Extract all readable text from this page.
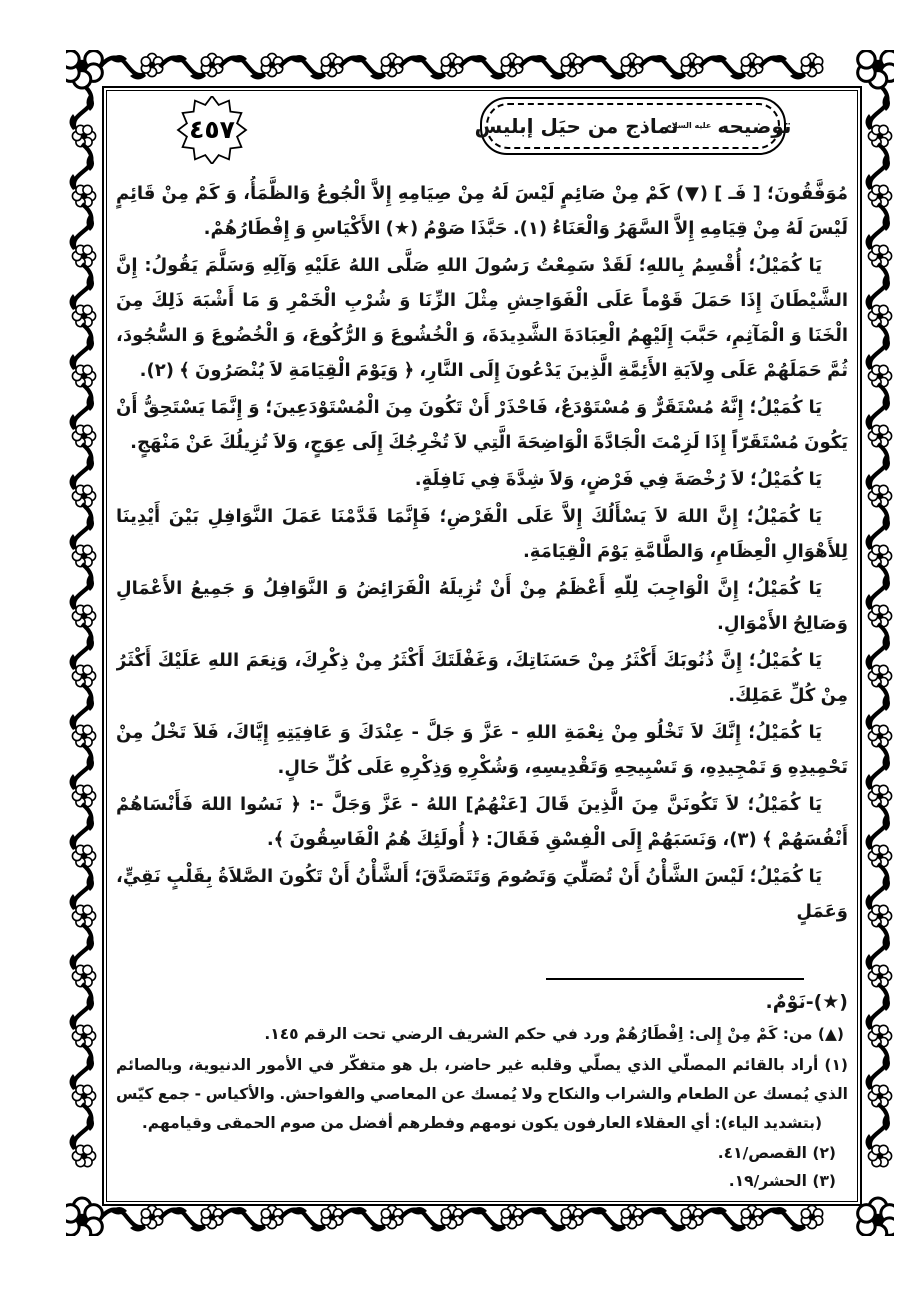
٤٥٧	توضيحه
عليه السلام
نماذج من حيَل إبليس

مُوَفَّقُونَ؛ [ فَـ ] (▼) كَمْ مِنْ صَائِمٍ لَيْسَ لَهُ مِنْ صِيَامِهِ إِلاَّ الْجُوعُ وَالظَّمَأُ، وَ كَمْ مِنْ قَائِمٍ لَيْسَ لَهُ مِنْ قِيَامِهِ إِلاَّ السَّهَرُ وَالْعَنَاءُ (١). حَبَّذَا صَوْمُ (★) الأَكْيَاسِ وَ إِفْطَارُهُمْ.

يَا كُمَيْلُ؛ أُقْسِمُ بِاللهِ؛ لَقَدْ سَمِعْتُ رَسُولَ اللهِ صَلَّى اللهُ عَلَيْهِ وَآلِهِ وَسَلَّمَ يَقُولُ: إِنَّ الشَّيْطَانَ إِذَا حَمَلَ قَوْماً عَلَى الْفَوَاحِشِ مِثْلَ الزِّنَا وَ شُرْبِ الْخَمْرِ وَ مَا أَشْبَهَ ذَلِكَ مِنَ الْخَنَا وَ الْمَآثِمِ، حَبَّبَ إِلَيْهِمُ الْعِبَادَةَ الشَّدِيدَةَ، وَ الْخُشُوعَ وَ الرُّكُوعَ، وَ الْخُضُوعَ وَ السُّجُودَ، ثُمَّ حَمَلَهُمْ عَلَى وِلاَيَةِ الأَئِمَّةِ الَّذِينَ يَدْعُونَ إِلَى النَّارِ، ﴿ وَيَوْمَ الْقِيَامَةِ لاَ يُنْصَرُونَ ﴾ (٢).

يَا كُمَيْلُ؛ إِنَّهُ مُسْتَقَرٌّ وَ مُسْتَوْدَعٌ، فَاحْذَرْ أَنْ تَكُونَ مِنَ الْمُسْتَوْدَعِينَ؛ وَ إِنَّمَا يَسْتَحِقُّ أَنْ يَكُونَ مُسْتَقَرّاً إِذَا لَزِمْتَ الْجَادَّةَ الْوَاضِحَةَ الَّتِي لاَ تُخْرِجُكَ إِلَى عِوَجٍ، وَلاَ تُزِيلُكَ عَنْ مَنْهَجٍ.

يَا كُمَيْلُ؛ لاَ رُخْصَةَ فِي فَرْضٍ، وَلاَ شِدَّةَ فِي نَافِلَةٍ.

يَا كُمَيْلُ؛ إِنَّ اللهَ لاَ يَسْأَلُكَ إِلاَّ عَلَى الْفَرْضِ؛ فَإِنَّمَا قَدَّمْنَا عَمَلَ النَّوَافِلِ بَيْنَ أَيْدِينَا لِلأَهْوَالِ الْعِظَامِ، وَالطَّامَّةِ يَوْمَ الْقِيَامَةِ.

يَا كُمَيْلُ؛ إِنَّ الْوَاجِبَ لِلّهِ أَعْظَمُ مِنْ أَنْ تُزِيلَهُ الْفَرَائِضُ وَ النَّوَافِلُ وَ جَمِيعُ الأَعْمَالِ وَصَالِحُ الأَمْوَالِ.

يَا كُمَيْلُ؛ إِنَّ ذُنُوبَكَ أَكْثَرُ مِنْ حَسَنَاتِكَ، وَغَفْلَتَكَ أَكْثَرُ مِنْ ذِكْرِكَ، وَنِعَمَ اللهِ عَلَيْكَ أَكْثَرُ مِنْ كُلِّ عَمَلِكَ.

يَا كُمَيْلُ؛ إِنَّكَ لاَ تَخْلُو مِنْ نِعْمَةِ اللهِ - عَزَّ وَ جَلَّ - عِنْدَكَ وَ عَافِيَتِهِ إِيَّاكَ، فَلاَ تَخْلُ مِنْ تَحْمِيدِهِ وَ تَمْجِيدِهِ، وَ تَسْبِيحِهِ وَتَقْدِيسِهِ، وَشُكْرِهِ وَذِكْرِهِ عَلَى كُلِّ حَالٍ.

يَا كُمَيْلُ؛ لاَ تَكُونَنَّ مِنَ الَّذِينَ قَالَ [عَنْهُمُ] اللهُ - عَزَّ وَجَلَّ -: ﴿ نَسُوا اللهَ فَأَنْسَاهُمْ أَنْفُسَهُمْ ﴾ (٣)، وَنَسَبَهُمْ إِلَى الْفِسْقِ فَقَالَ: ﴿ أُولَئِكَ هُمُ الْفَاسِقُونَ ﴾.

يَا كُمَيْلُ؛ لَيْسَ الشَّأْنُ أَنْ تُصَلِّيَ وَتَصُومَ وَتَتَصَدَّقَ؛ أَلشَّأْنُ أَنْ تَكُونَ الصَّلاَةُ بِقَلْبٍ نَقِيٍّ، وَعَمَلٍ

(★)-نَوْمٌ.

(▲) من: كَمْ مِنْ إِلى: اِفْطَارُهُمْ ورد في حكم الشريف الرضي تحت الرقم ١٤٥.

(١) أراد بالقائم المصلّي الذي يصلّي وقلبه غير حاضر، بل هو متفكّر في الأمور الدنيوية، وبالصائم الذي يُمسك عن الطعام والشراب والنكاح ولا يُمسك عن المعاصي والفواحش. والأكياس - جمع كيّس (بتشديد الياء): أي العقلاء العارفون يكون نومهم وفطرهم أفضل من صوم الحمقى وقيامهم.

(٢) القصص/٤١.

(٣) الحشر/١٩.
